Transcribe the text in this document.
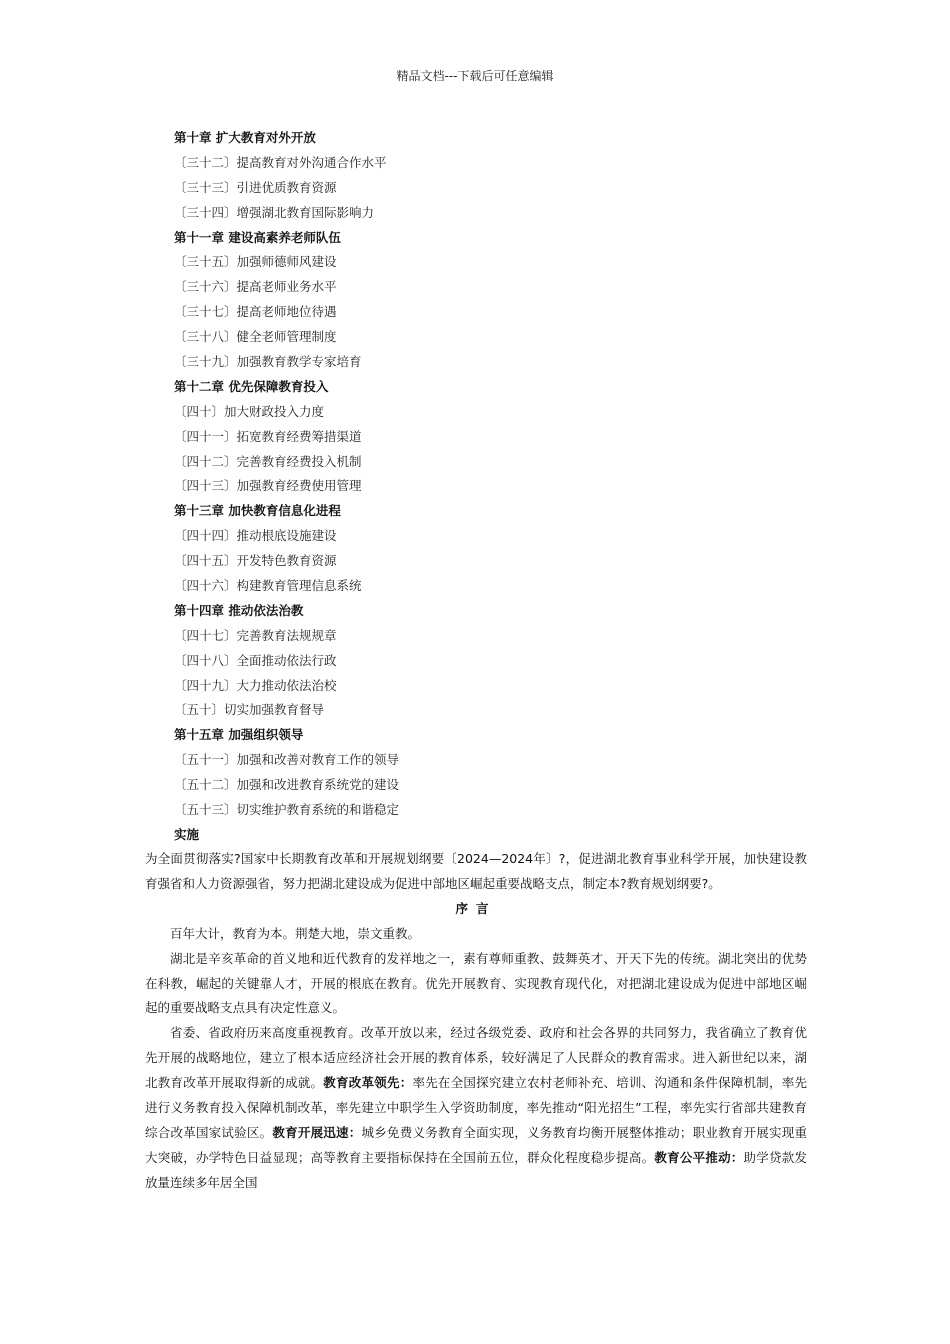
精品文档---下载后可任意编辑
第十章 扩大教育对外开放
〔三十二〕提高教育对外沟通合作水平
〔三十三〕引进优质教育资源
〔三十四〕增强湖北教育国际影响力
第十一章 建设高素养老师队伍
〔三十五〕加强师德师风建设
〔三十六〕提高老师业务水平
〔三十七〕提高老师地位待遇
〔三十八〕健全老师管理制度
〔三十九〕加强教育教学专家培育
第十二章 优先保障教育投入
〔四十〕加大财政投入力度
〔四十一〕拓宽教育经费筹措渠道
〔四十二〕完善教育经费投入机制
〔四十三〕加强教育经费使用管理
第十三章 加快教育信息化进程
〔四十四〕推动根底设施建设
〔四十五〕开发特色教育资源
〔四十六〕构建教育管理信息系统
第十四章 推动依法治教
〔四十七〕完善教育法规规章
〔四十八〕全面推动依法行政
〔四十九〕大力推动依法治校
〔五十〕切实加强教育督导
第十五章 加强组织领导
〔五十一〕加强和改善对教育工作的领导
〔五十二〕加强和改进教育系统党的建设
〔五十三〕切实维护教育系统的和谐稳定
实施

为全面贯彻落实?国家中长期教育改革和开展规划纲要〔2024—2024年〕?，促进湖北教育事业科学开展，加快建设教育强省和人力资源强省，努力把湖北建设成为促进中部地区崛起重要战略支点，制定本?教育规划纲要?。

序言

百年大计，教育为本。荆楚大地，崇文重教。

湖北是辛亥革命的首义地和近代教育的发祥地之一，素有尊师重教、鼓舞英才、开天下先的传统。湖北突出的优势在科教，崛起的关键靠人才，开展的根底在教育。优先开展教育、实现教育现代化，对把湖北建设成为促进中部地区崛起的重要战略支点具有决定性意义。

省委、省政府历来高度重视教育。改革开放以来，经过各级党委、政府和社会各界的共同努力，我省确立了教育优先开展的战略地位，建立了根本适应经济社会开展的教育体系，较好满足了人民群众的教育需求。进入新世纪以来，湖北教育改革开展取得新的成就。教育改革领先：率先在全国探究建立农村老师补充、培训、沟通和条件保障机制，率先进行义务教育投入保障机制改革，率先建立中职学生入学资助制度，率先推动“阳光招生”工程，率先实行省部共建教育综合改革国家试验区。教育开展迅速：城乡免费义务教育全面实现，义务教育均衡开展整体推动；职业教育开展实现重大突破，办学特色日益显现；高等教育主要指标保持在全国前五位，群众化程度稳步提高。教育公平推动：助学贷款发放量连续多年居全国
